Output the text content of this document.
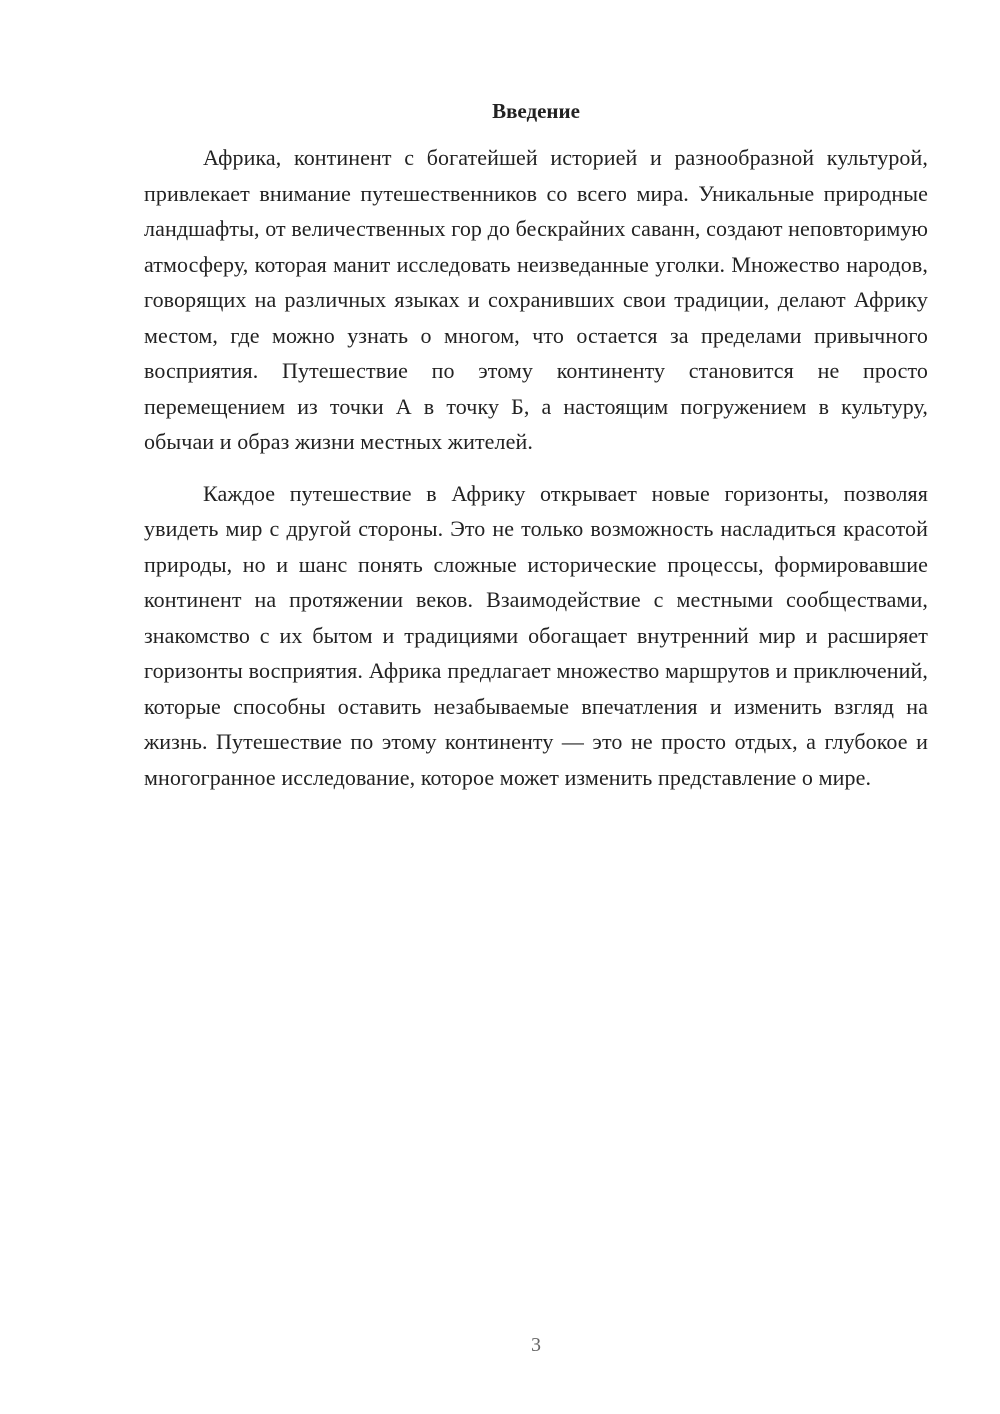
Введение

Африка, континент с богатейшей историей и разнообразной культурой, привлекает внимание путешественников со всего мира. Уникальные природные ландшафты, от величественных гор до бескрайних саванн, создают неповторимую атмосферу, которая манит исследовать неизведанные уголки. Множество народов, говорящих на различных языках и сохранивших свои традиции, делают Африку местом, где можно узнать о многом, что остается за пределами привычного восприятия. Путешествие по этому континенту становится не просто перемещением из точки А в точку Б, а настоящим погружением в культуру, обычаи и образ жизни местных жителей.

Каждое путешествие в Африку открывает новые горизонты, позволяя увидеть мир с другой стороны. Это не только возможность насладиться красотой природы, но и шанс понять сложные исторические процессы, формировавшие континент на протяжении веков. Взаимодействие с местными сообществами, знакомство с их бытом и традициями обогащает внутренний мир и расширяет горизонты восприятия. Африка предлагает множество маршрутов и приключений, которые способны оставить незабываемые впечатления и изменить взгляд на жизнь. Путешествие по этому континенту — это не просто отдых, а глубокое и многогранное исследование, которое может изменить представление о мире.

3
